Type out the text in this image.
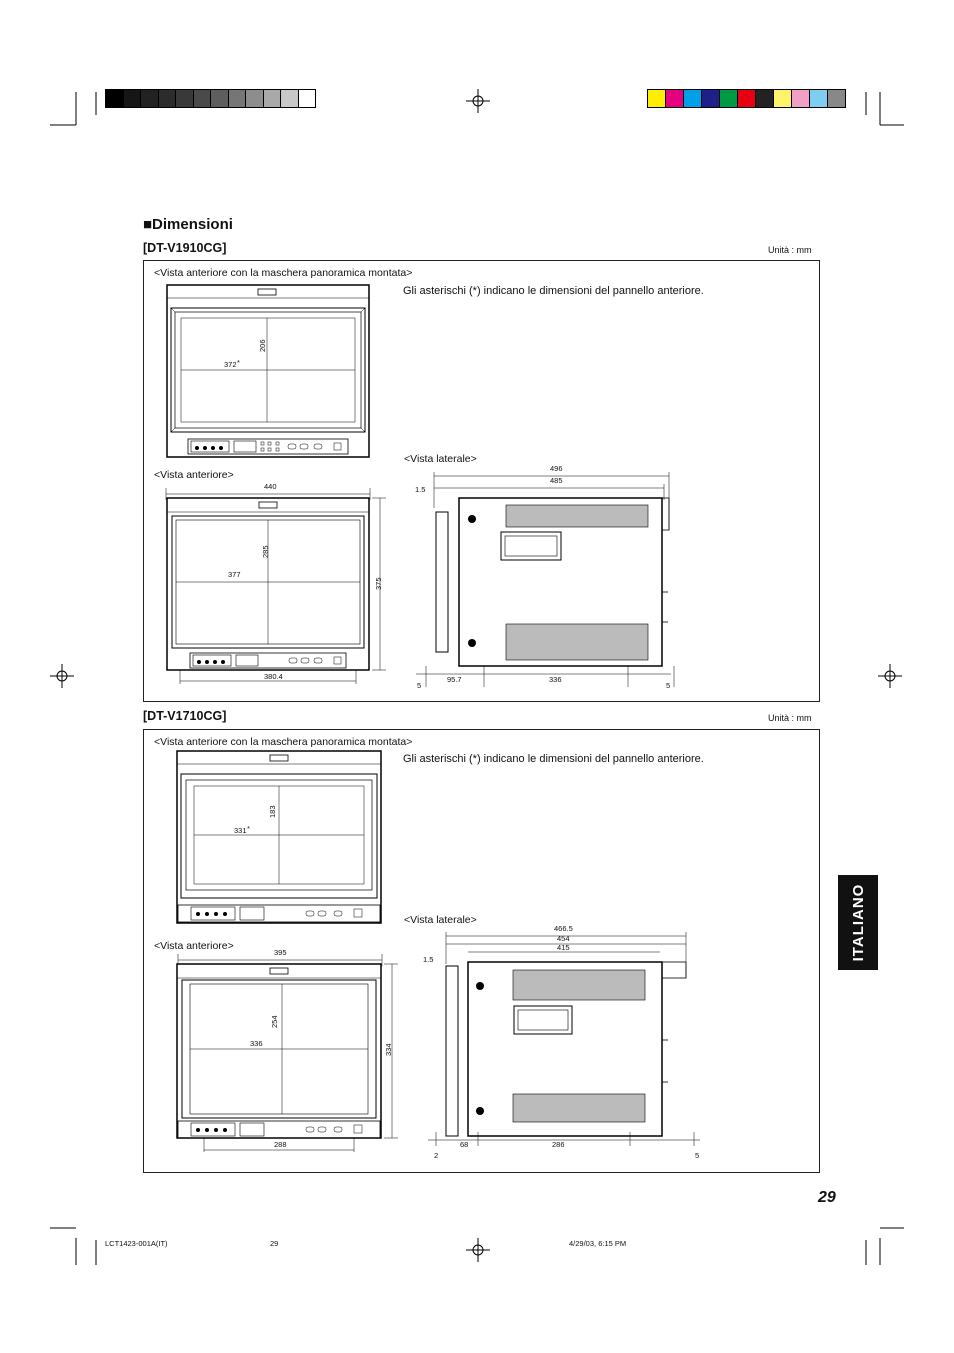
■Dimensioni
[DT-V1910CG]	Unità : mm
<Vista anteriore con la maschera panoramica montata>
Gli asterischi (*) indicano le dimensioni del pannello anteriore.
<Vista anteriore>
<Vista laterale>
372 *
206
440
377
285
375
380.4
496
485
1.5
5
95.7	336
5
[DT-V1710CG]	Unità : mm
<Vista anteriore con la maschera panoramica montata>
Gli asterischi (*) indicano le dimensioni del pannello anteriore.
<Vista anteriore>
<Vista laterale>
331 *
183
395
336
254
334
288
466.5
454
415
1.5
2
68	286
5
ITALIANO
29
LCT1423-001A(IT)	29	4/29/03, 6:15 PM
